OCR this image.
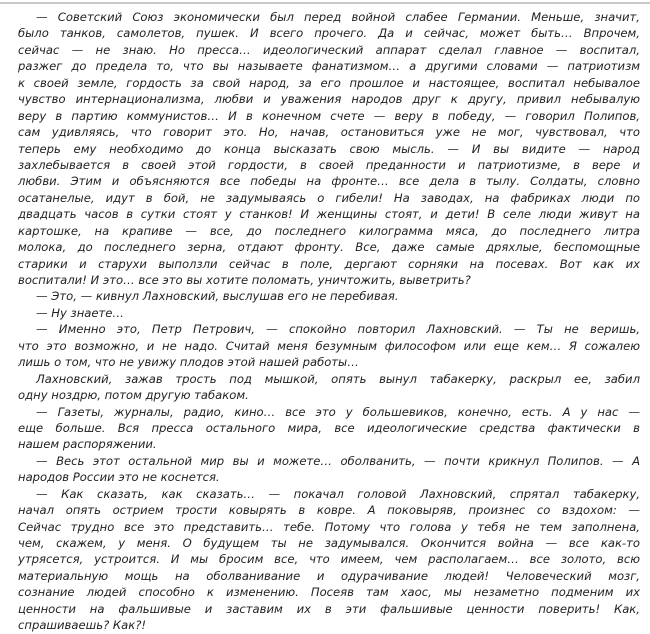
— Советский Союз экономически был перед войной слабее Германии. Меньше, значит,
было танков, самолетов, пушек. И всего прочего. Да и сейчас, может быть… Впрочем,
сейчас — не знаю. Но пресса… идеологический аппарат сделал главное — воспитал,
разжег до предела то, что вы называете фанатизмом… а другими словами — патриотизм
к своей земле, гордость за свой народ, за его прошлое и настоящее, воспитал небывалое
чувство интернационализма, любви и уважения народов друг к другу, привил небывалую
веру в партию коммунистов… И в конечном счете — веру в победу, — говорил Полипов,
сам удивляясь, что говорит это. Но, начав, остановиться уже не мог, чувствовал, что
теперь ему необходимо до конца высказать свою мысль. — И вы видите — народ
захлебывается в своей этой гордости, в своей преданности и патриотизме, в вере и
любви. Этим и объясняются все победы на фронте… все дела в тылу. Солдаты, словно
осатанелые, идут в бой, не задумываясь о гибели! На заводах, на фабриках люди по
двадцать часов в сутки стоят у станков! И женщины стоят, и дети! В селе люди живут на
картошке, на крапиве — все, до последнего килограмма мяса, до последнего литра
молока, до последнего зерна, отдают фронту. Все, даже самые дряхлые, беспомощные
старики и старухи выползли сейчас в поле, дергают сорняки на посевах. Вот как их
воспитали! И это… все это вы хотите поломать, уничтожить, выветрить?
— Это, — кивнул Лахновский, выслушав его не перебивая.
— Ну знаете…
— Именно это, Петр Петрович, — спокойно повторил Лахновский. — Ты не веришь,
что это возможно, и не надо. Считай меня безумным философом или еще кем… Я сожалею
лишь о том, что не увижу плодов этой нашей работы…
Лахновский, зажав трость под мышкой, опять вынул табакерку, раскрыл ее, забил
одну ноздрю, потом другую табаком.
— Газеты, журналы, радио, кино… все это у большевиков, конечно, есть. А у нас —
еще больше. Вся пресса остального мира, все идеологические средства фактически в
нашем распоряжении.
— Весь этот остальной мир вы и можете… оболванить, — почти крикнул Полипов. — А
народов России это не коснется.
— Как сказать, как сказать… — покачал головой Лахновский, спрятал табакерку,
начал опять острием трости ковырять в ковре. А поковыряв, произнес со вздохом: —
Сейчас трудно все это представить… тебе. Потому что голова у тебя не тем заполнена,
чем, скажем, у меня. О будущем ты не задумывался. Окончится война — все как-то
утрясется, устроится. И мы бросим все, что имеем, чем располагаем… все золото, всю
материальную мощь на оболванивание и одурачивание людей! Человеческий мозг,
сознание людей способно к изменению. Посеяв там хаос, мы незаметно подменим их
ценности на фальшивые и заставим их в эти фальшивые ценности поверить! Как,
спрашиваешь? Как?!
